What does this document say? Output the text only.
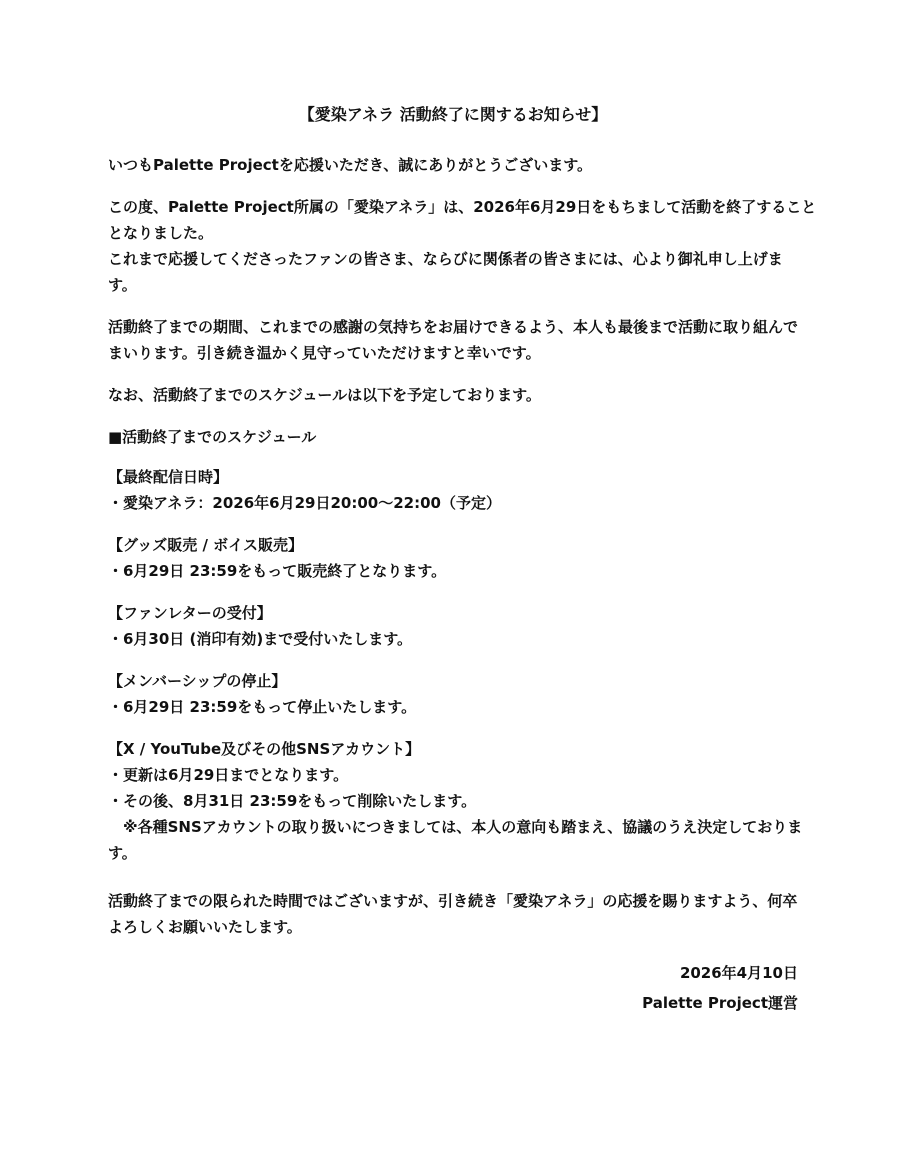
【愛染アネラ 活動終了に関するお知らせ】
いつもPalette Projectを応援いただき、誠にありがとうございます。
この度、Palette Project所属の「愛染アネラ」は、2026年6月29日をもちまして活動を終了すること
となりました。
これまで応援してくださったファンの皆さま、ならびに関係者の皆さまには、心より御礼申し上げま
す。
活動終了までの期間、これまでの感謝の気持ちをお届けできるよう、本人も最後まで活動に取り組んで
まいります。引き続き温かく見守っていただけますと幸いです。
なお、活動終了までのスケジュールは以下を予定しております。
■活動終了までのスケジュール
【最終配信日時】
・愛染アネラ：2026年6月29日20:00〜22:00（予定）
【グッズ販売 / ボイス販売】
・6月29日 23:59をもって販売終了となります。
【ファンレターの受付】
・6月30日 (消印有効)まで受付いたします。
【メンバーシップの停止】
・6月29日 23:59をもって停止いたします。
【X / YouTube及びその他SNSアカウント】
・更新は6月29日までとなります。
・その後、8月31日 23:59をもって削除いたします。
　※各種SNSアカウントの取り扱いにつきましては、本人の意向も踏まえ、協議のうえ決定しておりま
す。
活動終了までの限られた時間ではございますが、引き続き「愛染アネラ」の応援を賜りますよう、何卒
よろしくお願いいたします。
2026年4月10日
Palette Project運営
